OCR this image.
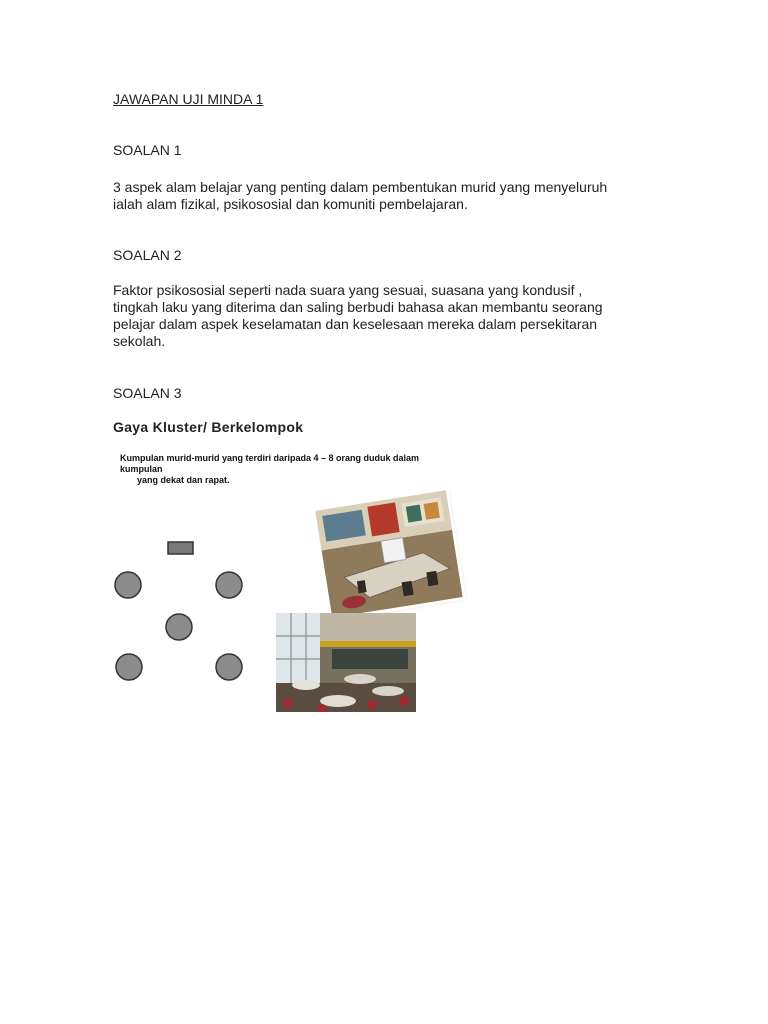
JAWAPAN UJI MINDA 1
SOALAN 1
3 aspek alam belajar yang penting dalam pembentukan murid yang menyeluruh
ialah alam fizikal, psikososial dan komuniti pembelajaran.
SOALAN 2
Faktor psikososial seperti nada suara yang sesuai, suasana yang kondusif ,
tingkah laku yang diterima dan saling berbudi bahasa akan membantu seorang
pelajar dalam aspek keselamatan dan keselesaan mereka dalam persekitaran
sekolah.
SOALAN 3
Gaya Kluster/ Berkelompok
Kumpulan murid-murid yang terdiri daripada 4 – 8 orang duduk dalam kumpulan
yang dekat dan rapat.
